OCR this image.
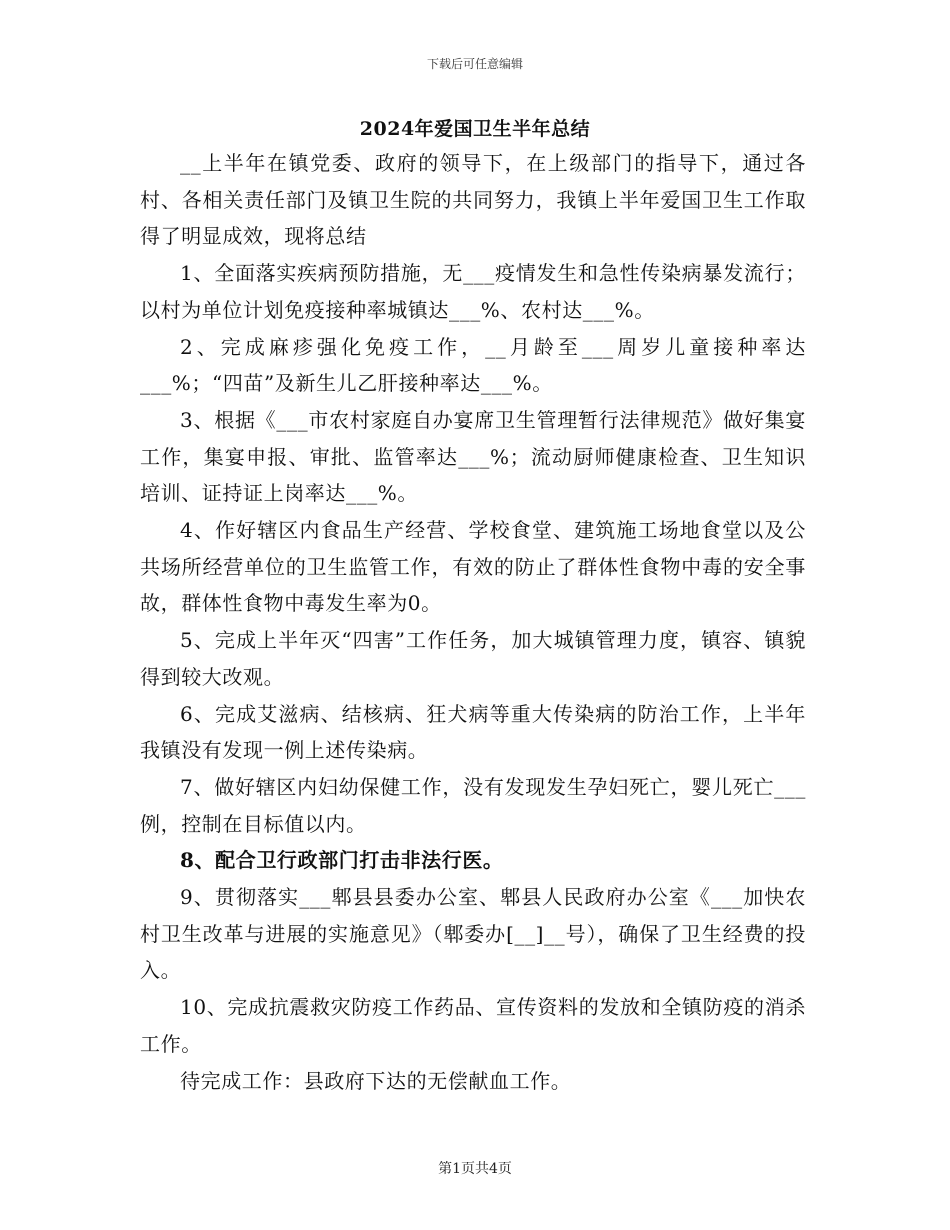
下载后可任意编辑
2024年爱国卫生半年总结

__上半年在镇党委、政府的领导下，在上级部门的指导下，通过各村、各相关责任部门及镇卫生院的共同努力，我镇上半年爱国卫生工作取得了明显成效，现将总结

1、全面落实疾病预防措施，无___疫情发生和急性传染病暴发流行；以村为单位计划免疫接种率城镇达___%、农村达___%。

2、完成麻疹强化免疫工作，__月龄至___周岁儿童接种率达___%；“四苗”及新生儿乙肝接种率达___%。

3、根据《___市农村家庭自办宴席卫生管理暂行法律规范》做好集宴工作，集宴申报、审批、监管率达___%；流动厨师健康检查、卫生知识培训、证持证上岗率达___%。

4、作好辖区内食品生产经营、学校食堂、建筑施工场地食堂以及公共场所经营单位的卫生监管工作，有效的防止了群体性食物中毒的安全事故，群体性食物中毒发生率为0。

5、完成上半年灭“四害”工作任务，加大城镇管理力度，镇容、镇貌得到较大改观。

6、完成艾滋病、结核病、狂犬病等重大传染病的防治工作，上半年我镇没有发现一例上述传染病。

7、做好辖区内妇幼保健工作，没有发现发生孕妇死亡，婴儿死亡___例，控制在目标值以内。

8、配合卫行政部门打击非法行医。

9、贯彻落实___郫县县委办公室、郫县人民政府办公室《___加快农村卫生改革与进展的实施意见》（郫委办[__]__号），确保了卫生经费的投入。

10、完成抗震救灾防疫工作药品、宣传资料的发放和全镇防疫的消杀工作。

待完成工作：县政府下达的无偿献血工作。

第1页共4页
